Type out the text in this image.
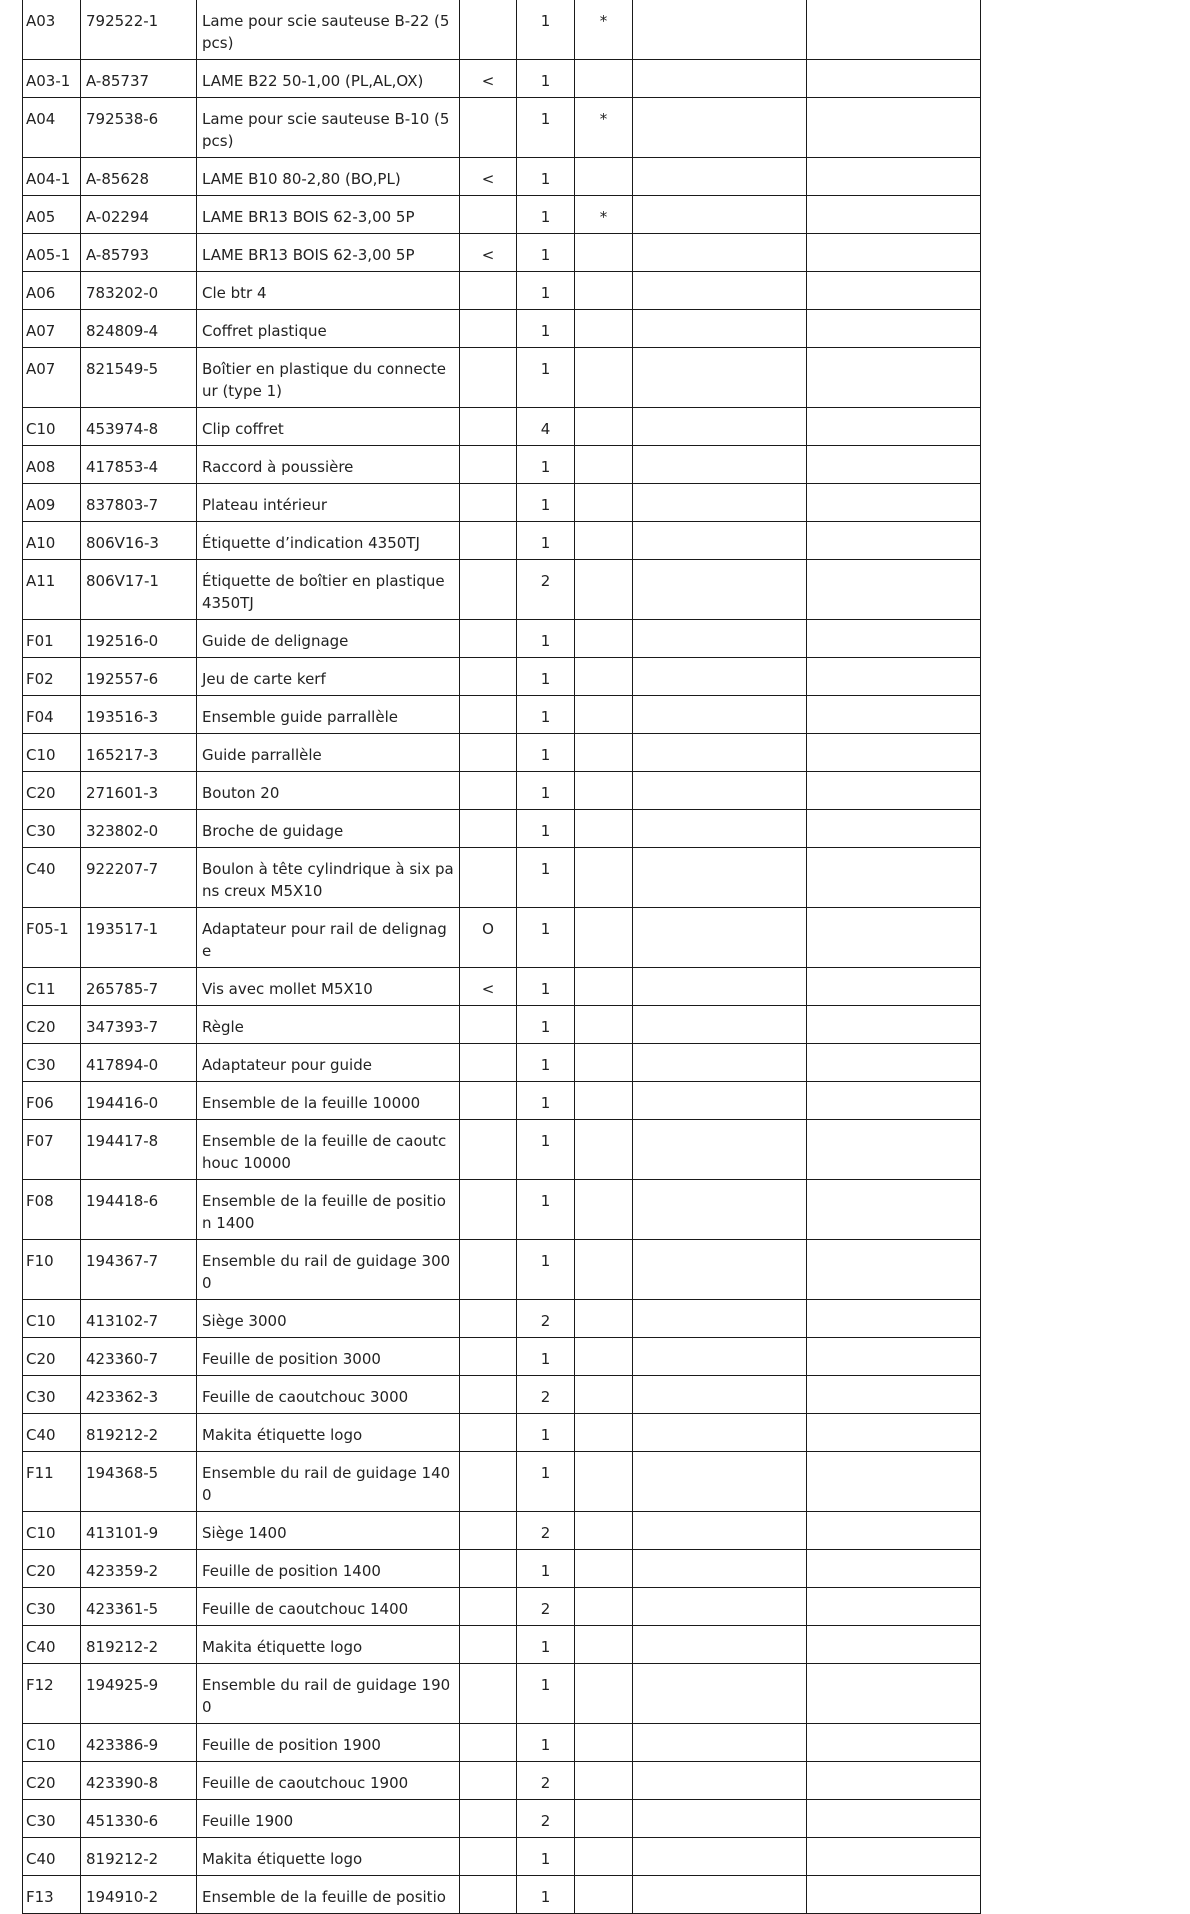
A03	792522-1	Lame pour scie sauteuse B-22 (5 pcs)		1	*		
A03-1	A-85737	LAME B22 50-1,00 (PL,AL,OX)	<	1			
A04	792538-6	Lame pour scie sauteuse B-10 (5 pcs)		1	*		
A04-1	A-85628	LAME B10 80-2,80 (BO,PL)	<	1			
A05	A-02294	LAME BR13 BOIS 62-3,00 5P		1	*		
A05-1	A-85793	LAME BR13 BOIS 62-3,00 5P	<	1			
A06	783202-0	Cle btr 4		1			
A07	824809-4	Coffret plastique		1			
A07	821549-5	Boîtier en plastique du connecteur (type 1)		1			
C10	453974-8	Clip coffret		4			
A08	417853-4	Raccord à poussière		1			
A09	837803-7	Plateau intérieur		1			
A10	806V16-3	Étiquette d’indication 4350TJ		1			
A11	806V17-1	Étiquette de boîtier en plastique 4350TJ		2			
F01	192516-0	Guide de delignage		1			
F02	192557-6	Jeu de carte kerf		1			
F04	193516-3	Ensemble guide parrallèle		1			
C10	165217-3	Guide parrallèle		1			
C20	271601-3	Bouton 20		1			
C30	323802-0	Broche de guidage		1			
C40	922207-7	Boulon à tête cylindrique à six pans creux M5X10		1			
F05-1	193517-1	Adaptateur pour rail de delignage	O	1			
C11	265785-7	Vis avec mollet M5X10	<	1			
C20	347393-7	Règle		1			
C30	417894-0	Adaptateur pour guide		1			
F06	194416-0	Ensemble de la feuille 10000		1			
F07	194417-8	Ensemble de la feuille de caoutchouc 10000		1			
F08	194418-6	Ensemble de la feuille de position 1400		1			
F10	194367-7	Ensemble du rail de guidage 3000		1			
C10	413102-7	Siège 3000		2			
C20	423360-7	Feuille de position 3000		1			
C30	423362-3	Feuille de caoutchouc 3000		2			
C40	819212-2	Makita étiquette logo		1			
F11	194368-5	Ensemble du rail de guidage 1400		1			
C10	413101-9	Siège 1400		2			
C20	423359-2	Feuille de position 1400		1			
C30	423361-5	Feuille de caoutchouc 1400		2			
C40	819212-2	Makita étiquette logo		1			
F12	194925-9	Ensemble du rail de guidage 1900		1			
C10	423386-9	Feuille de position 1900		1			
C20	423390-8	Feuille de caoutchouc 1900		2			
C30	451330-6	Feuille 1900		2			
C40	819212-2	Makita étiquette logo		1			
F13	194910-2	Ensemble de la feuille de positio		1			
